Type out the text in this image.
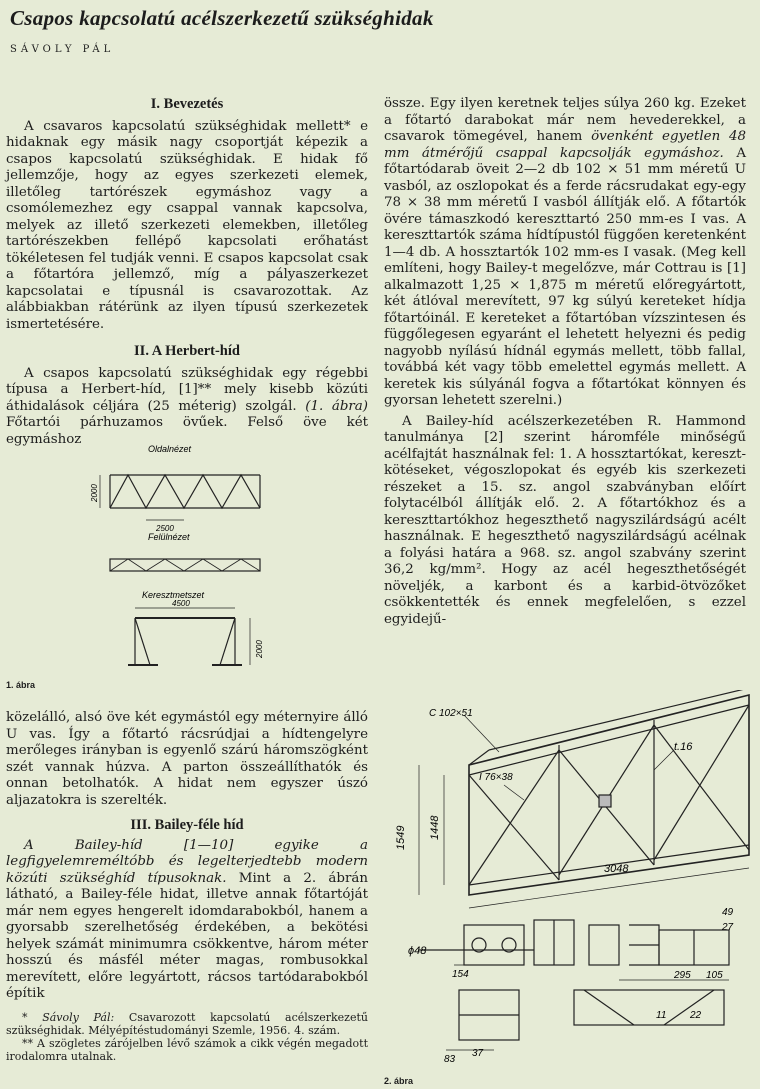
Csapos kapcsolatú acélszerkezetű szükséghidak
SÁVOLY PÁL
I. Bevezetés

A csavaros kapcsolatú szükséghidak mellett* e hidaknak egy másik nagy csoportját képezik a csapos kapcsolatú szükséghidak. E hidak fő jellemzője, hogy az egyes szerkezeti elemek, illetőleg tartórészek egymáshoz vagy a csomólemezhez egy csappal vannak kapcsolva, melyek az illető szerkezeti elemekben, illetőleg tartórészekben fellépő kapcsolati erőhatást tökéletesen fel tudják venni. E csapos kapcsolat csak a főtartóra jellemző, míg a pályaszerkezet kapcsolatai e típusnál is csavarozottak. Az alábbiakban rátérünk az ilyen típusú szerkezetek ismertetésére.

II. A Herbert-híd

A csapos kapcsolatú szükséghidak egy régebbi típusa a Herbert-híd, [1]** mely kisebb közúti áthidalások céljára (25 méterig) szolgál. (1. ábra) Főtartói párhuzamos övűek. Felső öve két egymáshoz

Oldalnézet
Felülnézet
Keresztmetszet
2000
2500
4500
2000
1. ábra

közelálló, alsó öve két egymástól egy méternyire álló U vas. Így a főtartó rácsrúdjai a hídtengelyre merőleges irányban is egyenlő szárú háromszögként szét vannak húzva. A parton összeállíthatók és onnan betolhatók. A hidat nem egyszer úszó aljazatokra is szerelték.

III. Bailey-féle híd

A Bailey-híd [1—10] egyike a legfigyelemreméltóbb és legelterjedtebb modern közúti szükséghíd típusoknak. Mint a 2. ábrán látható, a Bailey-féle hidat, illetve annak főtartóját már nem egyes hengerelt idomdarabokból, hanem a gyorsabb szerelhetőség érdekében, a bekötési helyek számát minimumra csökkentve, három méter hosszú és másfél méter magas, rombusokkal merevített, előre legyártott, rácsos tartódarabokból építik

* Sávoly Pál: Csavarozott kapcsolatú acélszerkezetű szükséghidak. Mélyépítéstudományi Szemle, 1956. 4. szám.

** A szögletes zárójelben lévő számok a cikk végén megadott irodalomra utalnak.

össze. Egy ilyen keretnek teljes súlya 260 kg. Ezeket a főtartó darabokat már nem hevederekkel, a csavarok tömegével, hanem övenként egyetlen 48 mm átmérőjű csappal kapcsolják egymáshoz. A főtartódarab öveit 2—2 db 102 × 51 mm méretű U vasból, az oszlopokat és a ferde rácsrudakat egy-egy 78 × 38 mm méretű I vasból állítják elő. A főtartók övére támaszkodó kereszttartó 250 mm-es I vas. A kereszttartók száma hídtípustól függően keretenként 1—4 db. A hossztartók 102 mm-es I vasak. (Meg kell említeni, hogy Bailey-t megelőzve, már Cottrau is [1] alkalmazott 1,25 × 1,875 m méretű előregyártott, két átlóval merevített, 97 kg súlyú kereteket hídja főtartóinál. E kereteket a főtartóban vízszintesen és függőlegesen egyaránt el lehetett helyezni és pedig nagyobb nyílású hídnál egymás mellett, több fallal, továbbá két vagy több emelettel egymás mellett. A keretek kis súlyánál fogva a főtartókat könnyen és gyorsan lehetett szerelni.)

A Bailey-híd acélszerkezetében R. Hammond tanulmánya [2] szerint háromféle minőségű acélfajtát használnak fel: 1. A hossztartókat, kereszt-kötéseket, végoszlopokat és egyéb kis szerkezeti részeket a 15. sz. angol szabványban előírt folytacélból állítják elő. 2. A főtartókhoz és a kereszttartókhoz hegeszthető nagyszilárdságú acélt használnak. E hegeszthető nagyszilárdságú acélnak a folyási határa a 968. sz. angol szabvány szerint 36,2 kg/mm². Hogy az acél hegeszthetőségét növeljék, a karbont és a karbid-ötvözőket csökkentették és ennek megfelelően, s ezzel egyidejű-

C 102×51
I 76×38
t.16
1549 1448
3048
ϕ48
154	295 105
49
27
11 22
83
37
2. ábra
